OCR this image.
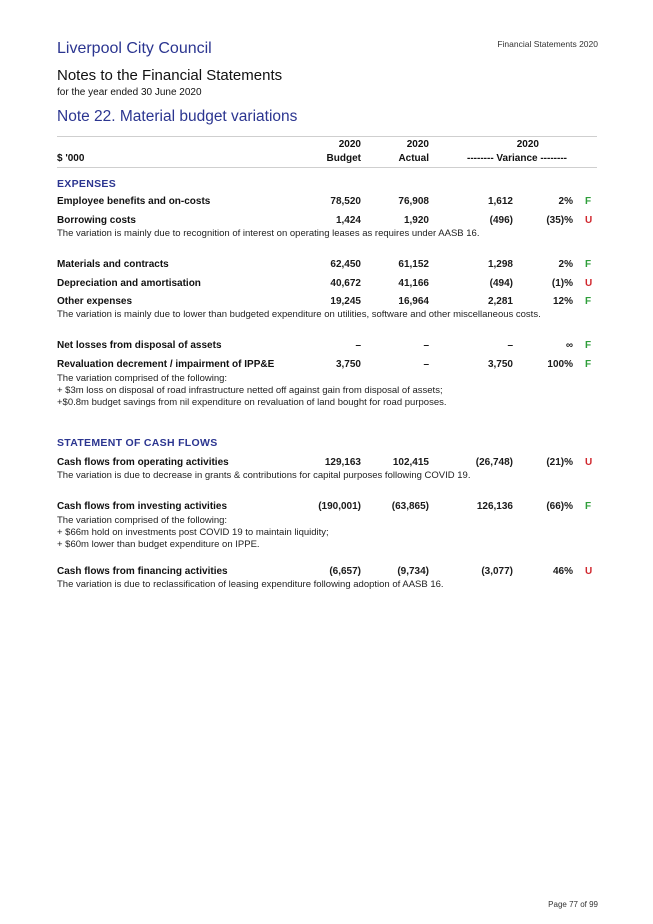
Financial Statements 2020
Liverpool City Council
Notes to the Financial Statements
for the year ended 30 June 2020
Note 22. Material budget variations
2020	2020	2020
$ '000	Budget	Actual	-------- Variance --------
EXPENSES
Employee benefits and on-costs	78,520	76,908	1,612	2% F
Borrowing costs	1,424	1,920	(496)	(35)% U
The variation is mainly due to recognition of interest on operating leases as requires under AASB 16.
Materials and contracts	62,450	61,152	1,298	2% F
Depreciation and amortisation	40,672	41,166	(494)	(1)% U
Other expenses	19,245	16,964	2,281	12% F
The variation is mainly due to lower than budgeted expenditure on utilities, software and other miscellaneous costs.
Net losses from disposal of assets	–	–	–	∞ F
Revaluation decrement / impairment of IPP&E	3,750	–	3,750	100% F
The variation comprised of the following:
+ $3m loss on disposal of road infrastructure netted off against gain from disposal of assets;
+$0.8m budget savings from nil expenditure on revaluation of land bought for road purposes.
STATEMENT OF CASH FLOWS
Cash flows from operating activities	129,163	102,415	(26,748)	(21)% U
The variation is due to decrease in grants & contributions for capital purposes following COVID 19.
Cash flows from investing activities	(190,001)	(63,865)	126,136	(66)% F
The variation comprised of the following:
+ $66m hold on investments post COVID 19 to maintain liquidity;
+ $60m lower than budget expenditure on IPPE.
Cash flows from financing activities	(6,657)	(9,734)	(3,077)	46% U
The variation is due to reclassification of leasing expenditure following adoption of AASB 16.
Page 77 of 99
